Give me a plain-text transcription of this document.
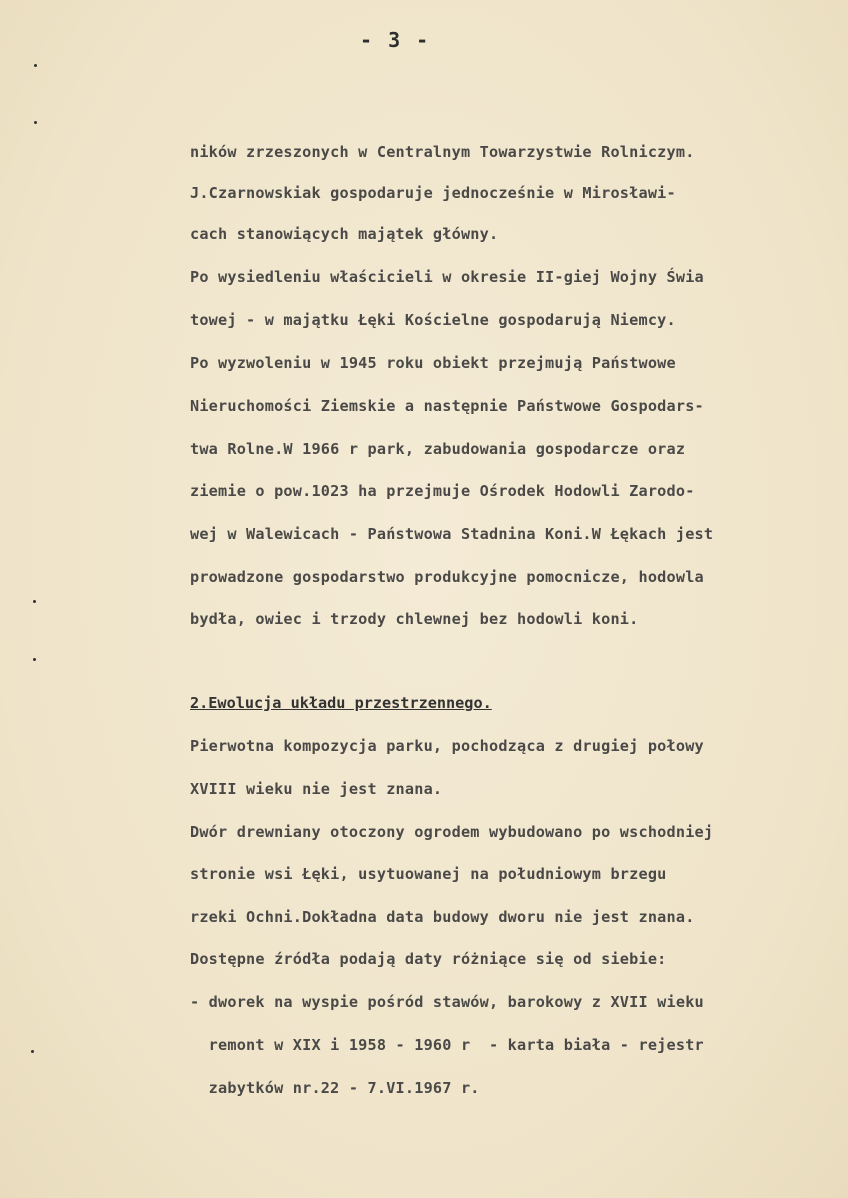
- 3 -
ników zrzeszonych w Centralnym Towarzystwie Rolniczym.
J.Czarnowskiak gospodaruje jednocześnie w Mirosławi-
cach stanowiących majątek główny.
Po wysiedleniu właścicieli w okresie II-giej Wojny Świa
towej - w majątku Łęki Kościelne gospodarują Niemcy.
Po wyzwoleniu w 1945 roku obiekt przejmują Państwowe
Nieruchomości Ziemskie a następnie Państwowe Gospodars-
twa Rolne.W 1966 r park, zabudowania gospodarcze oraz
ziemie o pow.1023 ha przejmuje Ośrodek Hodowli Zarodo-
wej w Walewicach - Państwowa Stadnina Koni.W Łękach jest
prowadzone gospodarstwo produkcyjne pomocnicze, hodowla
bydła, owiec i trzody chlewnej bez hodowli koni.
2.Ewolucja układu przestrzennego.
Pierwotna kompozycja parku, pochodząca z drugiej połowy
XVIII wieku nie jest znana.
Dwór drewniany otoczony ogrodem wybudowano po wschodniej
stronie wsi Łęki, usytuowanej na południowym brzegu
rzeki Ochni.Dokładna data budowy dworu nie jest znana.
Dostępne źródła podają daty różniące się od siebie:
- dworek na wyspie pośród stawów, barokowy z XVII wieku
remont w XIX i 1958 - 1960 r  - karta biała - rejestr
zabytków nr.22 - 7.VI.1967 r.
